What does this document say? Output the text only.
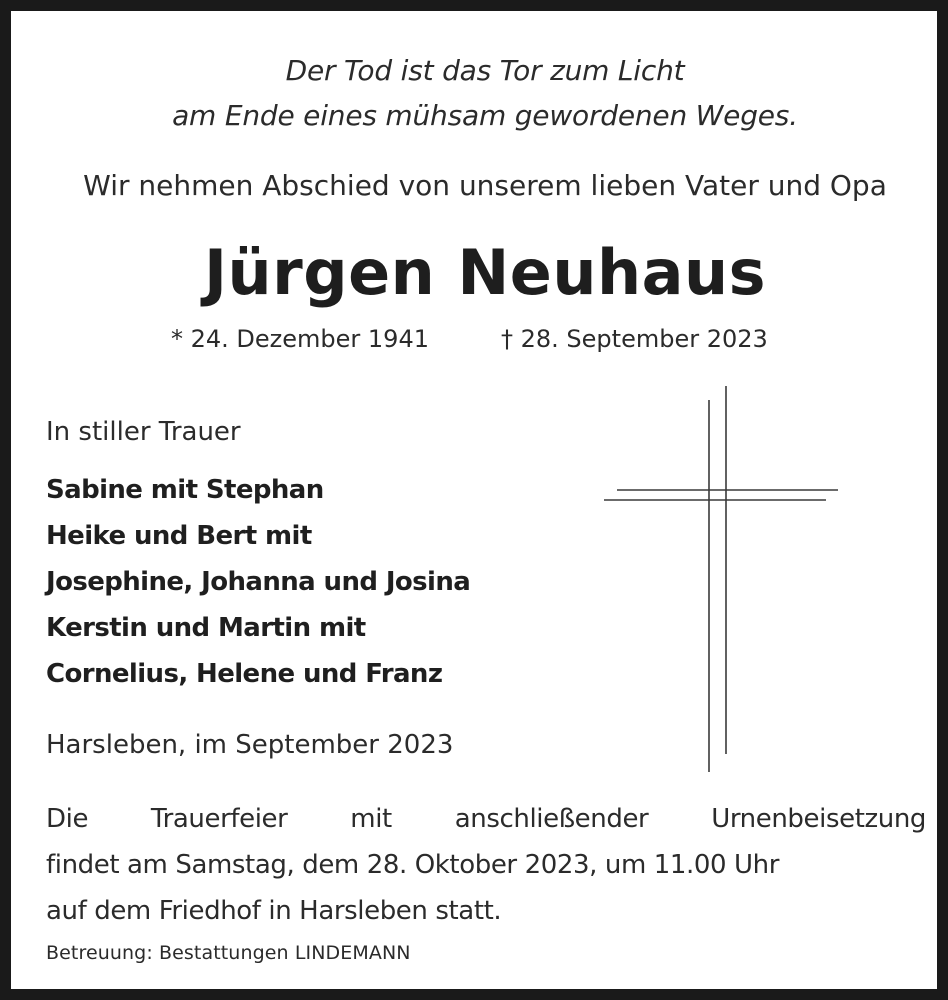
Der Tod ist das Tor zum Licht
am Ende eines mühsam gewordenen Weges.
Wir nehmen Abschied von unserem lieben Vater und Opa
Jürgen Neuhaus
* 24. Dezember 1941	† 28. September 2023
In stiller Trauer
Sabine mit Stephan
Heike und Bert mit
Josephine, Johanna und Josina
Kerstin und Martin mit
Cornelius, Helene und Franz
Harsleben, im September 2023
Die Trauerfeier mit anschließender Urnenbeisetzung
findet am Samstag, dem 28. Oktober 2023, um 11.00 Uhr
auf dem Friedhof in Harsleben statt.
Betreuung: Bestattungen LINDEMANN
